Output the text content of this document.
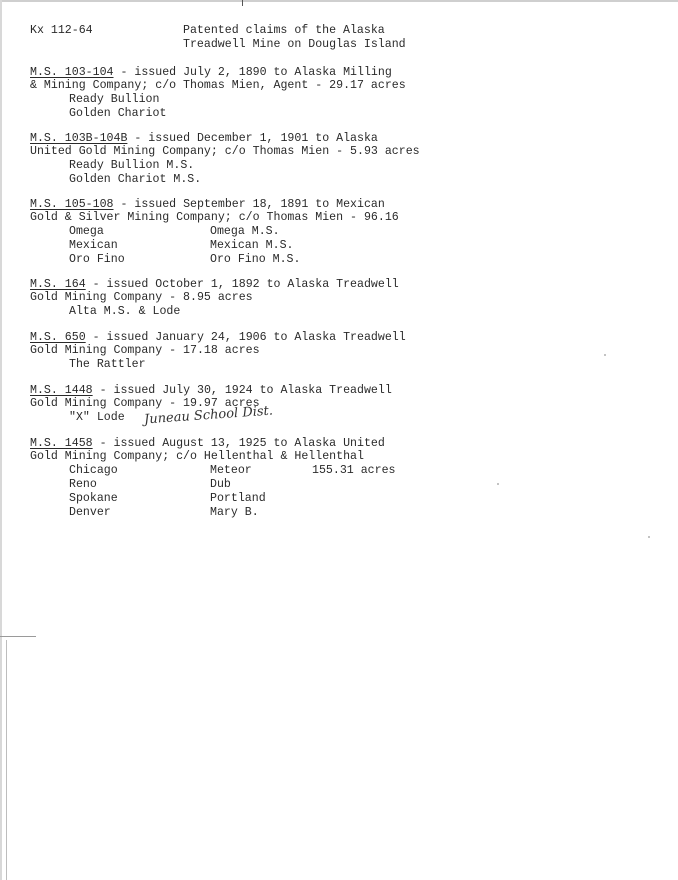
Kx 112-64	Patented claims of the Alaska
Treadwell Mine on Douglas Island
M.S. 103-104 - issued July 2, 1890 to Alaska Milling
& Mining Company; c/o Thomas Mien, Agent - 29.17 acres
Ready Bullion
Golden Chariot
M.S. 103B-104B - issued December 1, 1901 to Alaska
United Gold Mining Company; c/o Thomas Mien - 5.93 acres
Ready Bullion M.S.
Golden Chariot M.S.
M.S. 105-108 - issued September 18, 1891 to Mexican
Gold & Silver Mining Company; c/o Thomas Mien - 96.16
Omega
Mexican
Oro Fino
Omega M.S.
Mexican M.S.
Oro Fino M.S.
M.S. 164 - issued October 1, 1892 to Alaska Treadwell
Gold Mining Company - 8.95 acres
Alta M.S. & Lode
M.S. 650 - issued January 24, 1906 to Alaska Treadwell
Gold Mining Company - 17.18 acres
The Rattler
M.S. 1448 - issued July 30, 1924 to Alaska Treadwell
Gold Mining Company - 19.97 acres
"X" Lode Juneau School Dist.
M.S. 1458 - issued August 13, 1925 to Alaska United
Gold Mining Company; c/o Hellenthal & Hellenthal
Chicago
Reno
Spokane
Denver
Meteor
Dub
Portland
Mary B.
155.31 acres
